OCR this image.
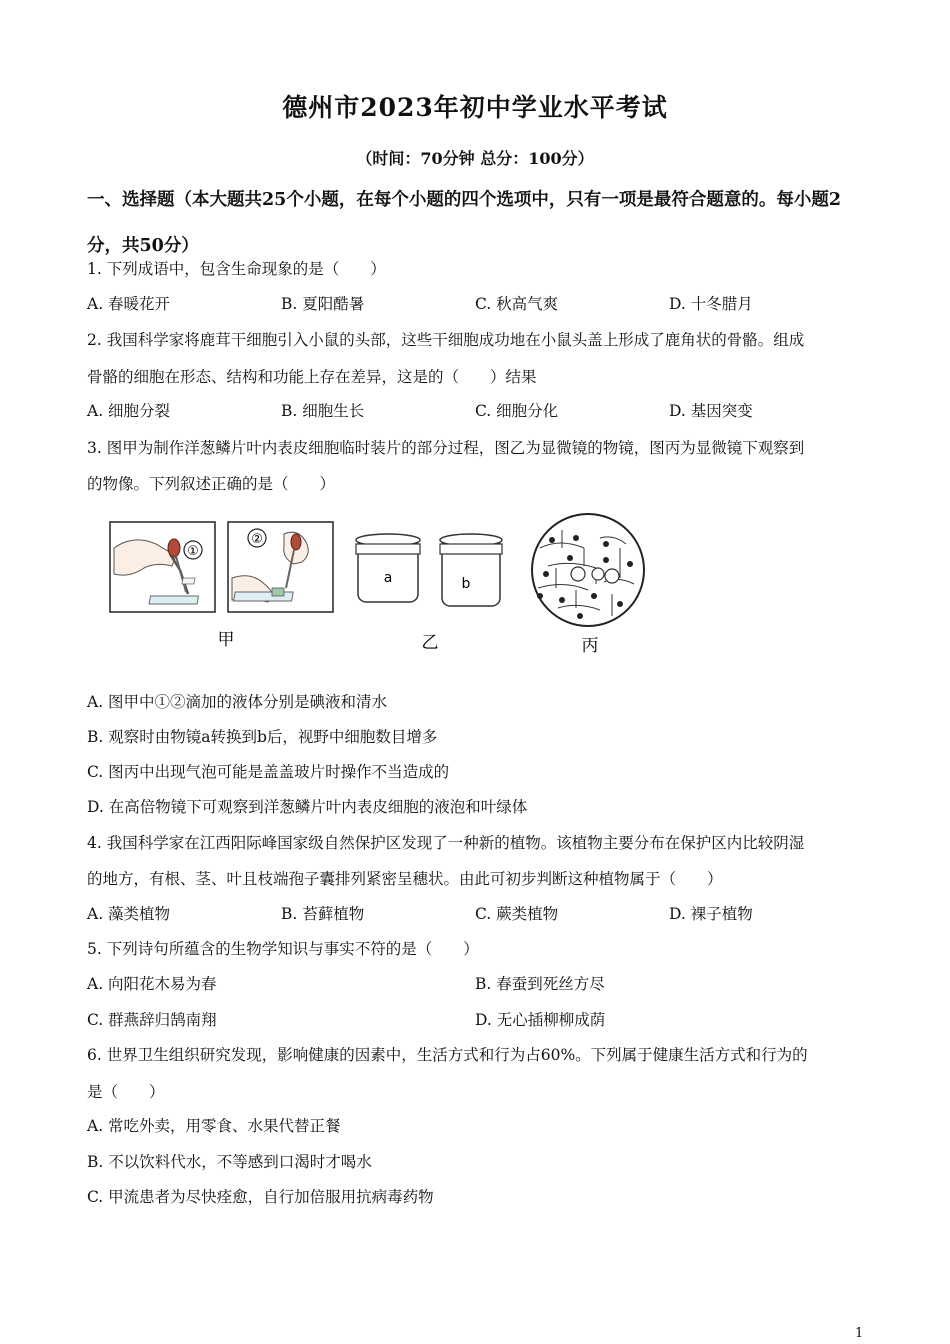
德州市2023年初中学业水平考试
（时间：70分钟 总分：100分）
一、选择题（本大题共25个小题，在每个小题的四个选项中，只有一项是最符合题意的。每小题2分，共50分）
1. 下列成语中，包含生命现象的是（　　）
A. 春暖花开	B. 夏阳酷暑	C. 秋高气爽	D. 十冬腊月
2. 我国科学家将鹿茸干细胞引入小鼠的头部，这些干细胞成功地在小鼠头盖上形成了鹿角状的骨骼。组成
骨骼的细胞在形态、结构和功能上存在差异，这是的（　　）结果
A. 细胞分裂	B. 细胞生长	C. 细胞分化	D. 基因突变
3. 图甲为制作洋葱鳞片叶内表皮细胞临时装片的部分过程，图乙为显微镜的物镜，图丙为显微镜下观察到
的物像。下列叙述正确的是（　　）
①
②
甲
a	b
乙	丙
A. 图甲中①②滴加的液体分别是碘液和清水
B. 观察时由物镜a转换到b后，视野中细胞数目增多
C. 图丙中出现气泡可能是盖盖玻片时操作不当造成的
D. 在高倍物镜下可观察到洋葱鳞片叶内表皮细胞的液泡和叶绿体
4. 我国科学家在江西阳际峰国家级自然保护区发现了一种新的植物。该植物主要分布在保护区内比较阴湿
的地方，有根、茎、叶且枝端孢子囊排列紧密呈穗状。由此可初步判断这种植物属于（　　）
A. 藻类植物	B. 苔藓植物	C. 蕨类植物	D. 裸子植物
5. 下列诗句所蕴含的生物学知识与事实不符的是（　　）
A. 向阳花木易为春	B. 春蚕到死丝方尽
C. 群燕辞归鹄南翔	D. 无心插柳柳成荫
6. 世界卫生组织研究发现，影响健康的因素中，生活方式和行为占60%。下列属于健康生活方式和行为的
是（　　）
A. 常吃外卖，用零食、水果代替正餐
B. 不以饮料代水，不等感到口渴时才喝水
C. 甲流患者为尽快痊愈，自行加倍服用抗病毒药物
1
